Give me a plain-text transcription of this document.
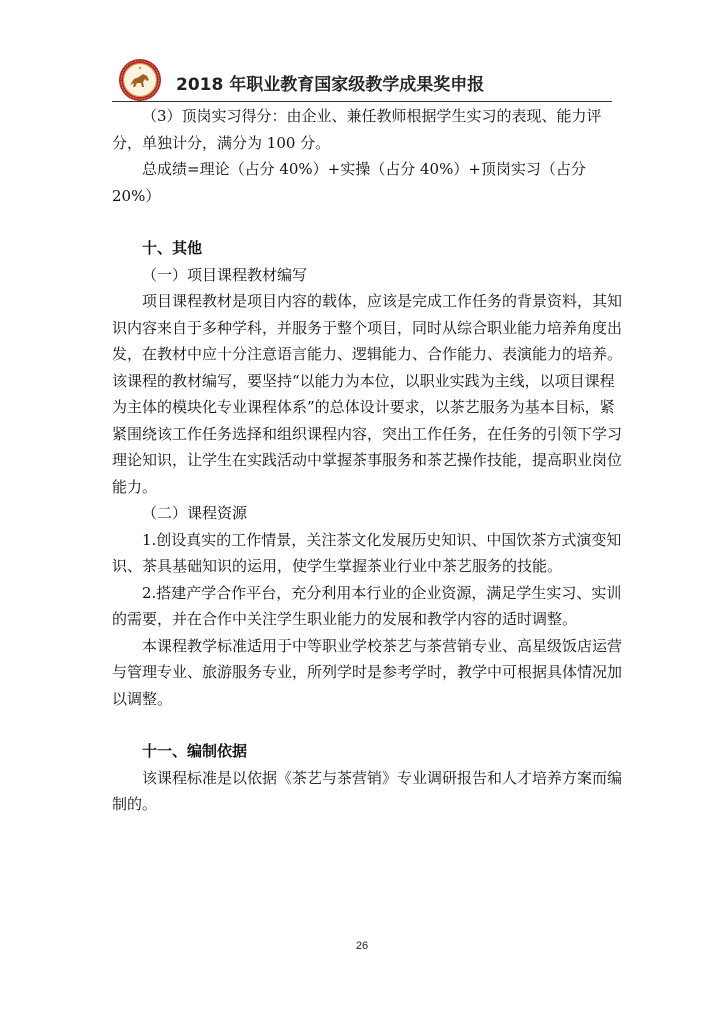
2018 年职业教育国家级教学成果奖申报

（3）顶岗实习得分：由企业、兼任教师根据学生实习的表现、能力评分，单独计分，满分为 100 分。

总成绩=理论（占分 40%）+实操（占分 40%）+顶岗实习（占分 20%）

十、其他

（一）项目课程教材编写

项目课程教材是项目内容的载体，应该是完成工作任务的背景资料，其知识内容来自于多种学科，并服务于整个项目，同时从综合职业能力培养角度出发，在教材中应十分注意语言能力、逻辑能力、合作能力、表演能力的培养。该课程的教材编写，要坚持“以能力为本位，以职业实践为主线，以项目课程为主体的模块化专业课程体系”的总体设计要求，以茶艺服务为基本目标，紧紧围绕该工作任务选择和组织课程内容，突出工作任务，在任务的引领下学习理论知识，让学生在实践活动中掌握茶事服务和茶艺操作技能，提高职业岗位能力。

（二）课程资源

1.创设真实的工作情景，关注茶文化发展历史知识、中国饮茶方式演变知识、茶具基础知识的运用，使学生掌握茶业行业中茶艺服务的技能。

2.搭建产学合作平台，充分利用本行业的企业资源，满足学生实习、实训的需要，并在合作中关注学生职业能力的发展和教学内容的适时调整。

本课程教学标准适用于中等职业学校茶艺与茶营销专业、高星级饭店运营与管理专业、旅游服务专业，所列学时是参考学时，教学中可根据具体情况加以调整。

十一、编制依据

该课程标准是以依据《茶艺与茶营销》专业调研报告和人才培养方案而编制的。

26
